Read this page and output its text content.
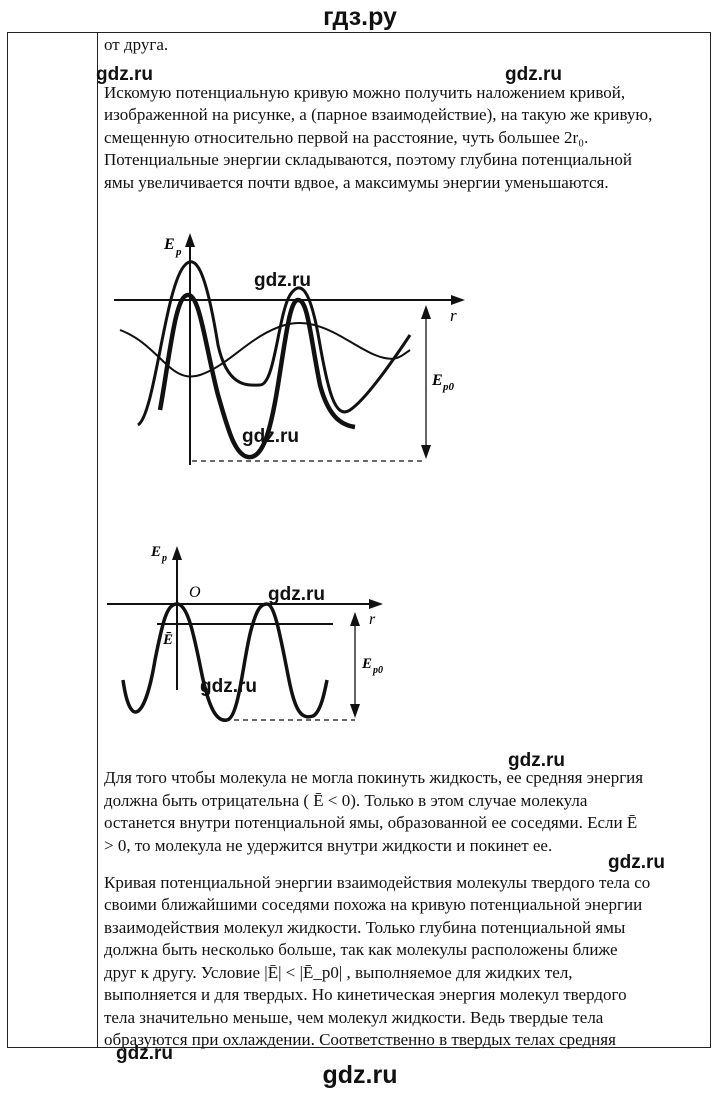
гдз.ру

от друга.

Искомую потенциальную кривую можно получить наложением кривой,

изображенной на рисунке, а (парное взаимодействие), на такую же кривую,

смещенную относительно первой на расстояние, чуть большее 2r₀.

Потенциальные энергии складываются, поэтому глубина потенциальной

ямы увеличивается почти вдвое, а максимумы энергии уменьшаются.

E p
r
E p0
E p
O
r
Ē
E p0

Для того чтобы молекула не могла покинуть жидкость, ее средняя энергия

должна быть отрицательна ( Ē < 0). Только в этом случае молекула

останется внутри потенциальной ямы, образованной ее соседями. Если Ē

> 0, то молекула не удержится внутри жидкости и покинет ее.

Кривая потенциальной энергии взаимодействия молекулы твердого тела со

своими ближайшими соседями похожа на кривую потенциальной энергии

взаимодействия молекул жидкости. Только глубина потенциальной ямы

должна быть несколько больше, так как молекулы расположены ближе

друг к другу. Условие |Ē| < |Ē_p0| , выполняемое для жидких тел,

выполняется и для твердых. Но кинетическая энергия молекул твердого

тела значительно меньше, чем молекул жидкости. Ведь твердые тела

образуются при охлаждении. Соответственно в твердых телах средняя

gdz.ru	gdz.ru
gdz.ru
gdz.ru
gdz.ru
gdz.ru
gdz.ru
gdz.ru
gdz.ru
gdz.ru
